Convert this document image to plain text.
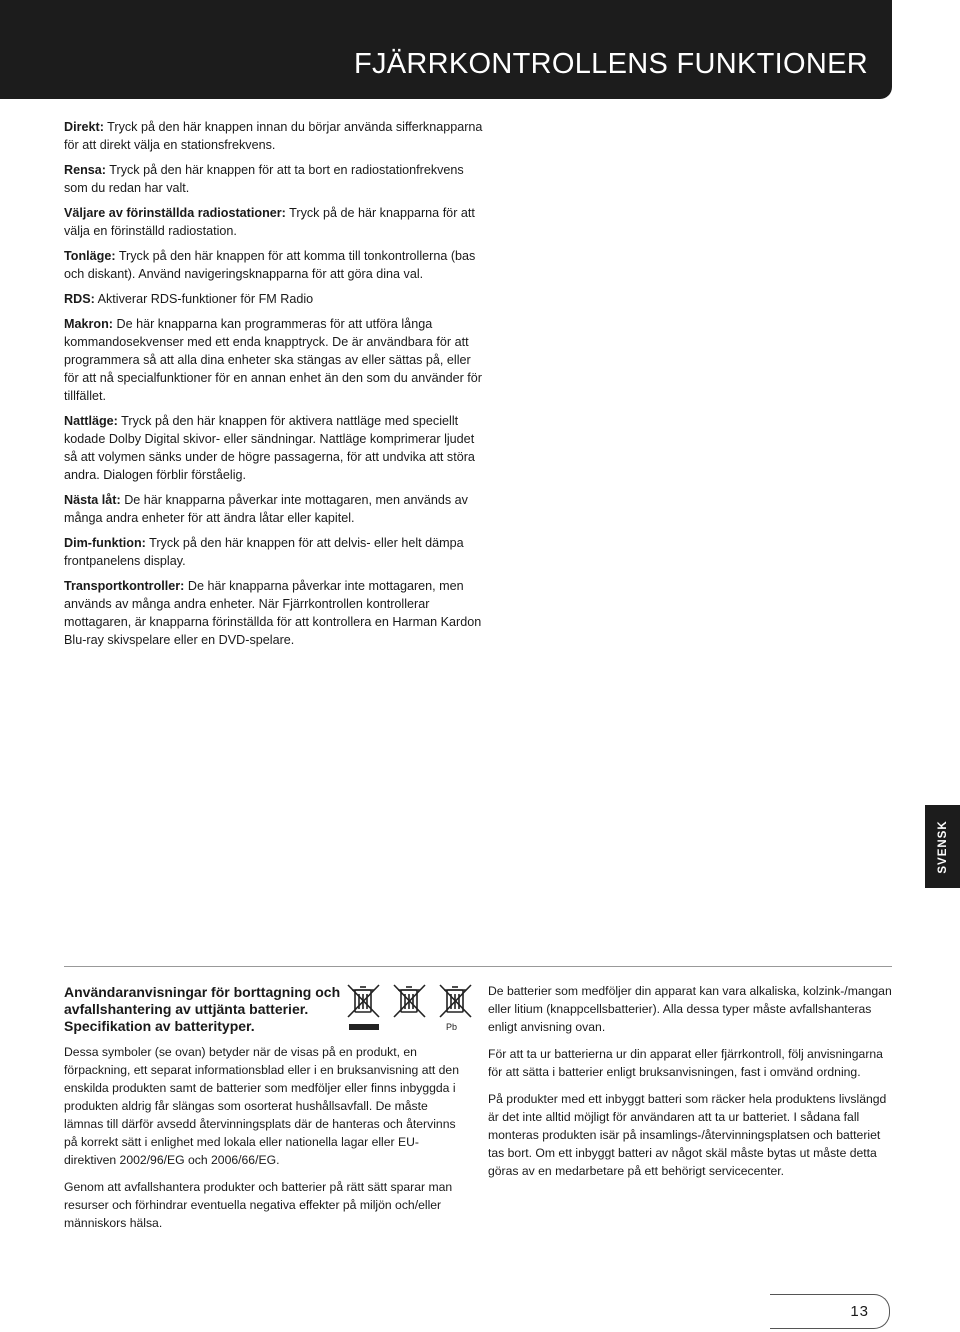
FJÄRRKONTROLLENS FUNKTIONER

Direkt: Tryck på den här knappen innan du börjar använda sifferknapparna för att direkt välja en stationsfrekvens.

Rensa: Tryck på den här knappen för att ta bort en radiostationfrekvens som du redan har valt.

Väljare av förinställda radiostationer: Tryck på de här knapparna för att välja en förinställd radiostation.

Tonläge: Tryck på den här knappen för att komma till tonkontrollerna (bas och diskant). Använd navigeringsknapparna för att göra dina val.

RDS: Aktiverar RDS-funktioner för FM Radio

Makron: De här knapparna kan programmeras för att utföra långa kommandosekvenser med ett enda knapptryck. De är användbara för att programmera så att alla dina enheter ska stängas av eller sättas på, eller för att nå specialfunktioner för en annan enhet än den som du använder för tillfället.

Nattläge: Tryck på den här knappen för aktivera nattläge med speciellt kodade Dolby Digital skivor- eller sändningar. Nattläge komprimerar ljudet så att volymen sänks under de högre passagerna, för att undvika att störa andra. Dialogen förblir förståelig.

Nästa låt: De här knapparna påverkar inte mottagaren, men används av många andra enheter för att ändra låtar eller kapitel.

Dim-funktion: Tryck på den här knappen för att delvis- eller helt dämpa frontpanelens display.

Transportkontroller: De här knapparna påverkar inte mottagaren, men används av många andra enheter. När Fjärrkontrollen kontrollerar mottagaren, är knapparna förinställda för att kontrollera en Harman Kardon Blu-ray skivspelare eller en DVD-spelare.

SVENSK
Användaranvisningar för borttagning och avfallshantering av uttjänta batterier. Specifikation av batterityper.	Pb

Dessa symboler (se ovan) betyder när de visas på en produkt, en förpackning, ett separat informationsblad eller i en bruksanvisning att den enskilda produkten samt de batterier som medföljer eller finns inbyggda i produkten aldrig får slängas som osorterat hushållsavfall. De måste lämnas till därför avsedd återvinningsplats där de hanteras och återvinns på korrekt sätt i enlighet med lokala eller nationella lagar eller EU-direktiven 2002/96/EG och 2006/66/EG.

Genom att avfallshantera produkter och batterier på rätt sätt sparar man resurser och förhindrar eventuella negativa effekter på miljön och/eller människors hälsa.

De batterier som medföljer din apparat kan vara alkaliska, kolzink-/mangan eller litium (knappcellsbatterier). Alla dessa typer måste avfallshanteras enligt anvisning ovan.

För att ta ur batterierna ur din apparat eller fjärrkontroll, följ anvisningarna för att sätta i batterier enligt bruksanvisningen, fast i omvänd ordning.

På produkter med ett inbyggt batteri som räcker hela produktens livslängd är det inte alltid möjligt för användaren att ta ur batteriet. I sådana fall monteras produkten isär på insamlings-/återvinningsplatsen och batteriet tas bort. Om ett inbyggt batteri av något skäl måste bytas ut måste detta göras av en medarbetare på ett behörigt servicecenter.

13
